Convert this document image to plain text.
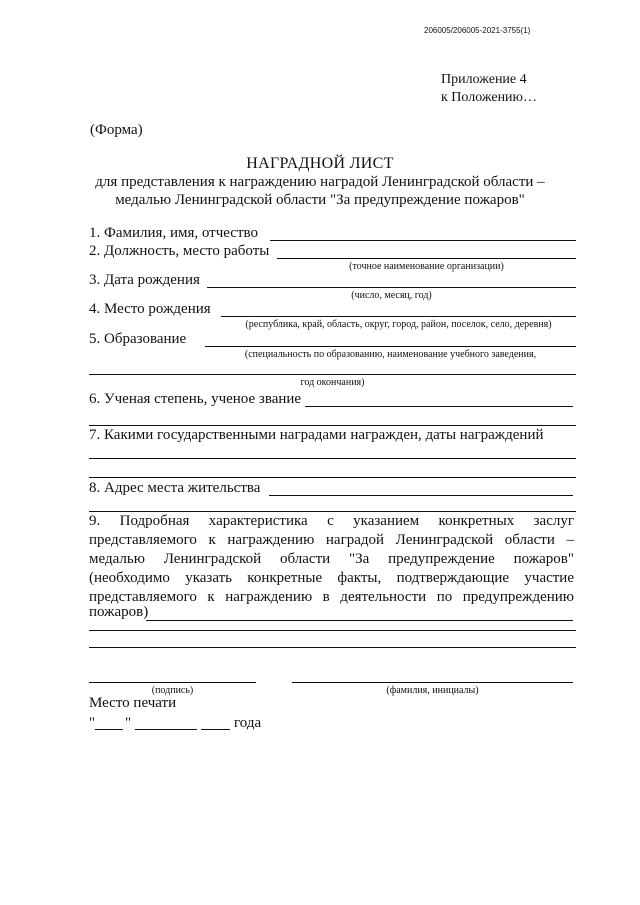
206005/206005-2021-3755(1)
Приложение 4
к Положению…
(Форма)
НАГРАДНОЙ ЛИСТ
для представления к награждению наградой Ленинградской области –
медалью Ленинградской области "За предупреждение пожаров"
1. Фамилия, имя, отчество
2. Должность, место работы
(точное наименование организации)
3. Дата рождения
(число, месяц, год)
4. Место рождения
(республика, край, область, округ, город, район, поселок, село, деревня)
5. Образование
(специальность по образованию, наименование учебного заведения,
год окончания)
6. Ученая степень, ученое звание
7. Какими государственными наградами награжден, даты награждений
8. Адрес места жительства
9. Подробная характеристика с указанием конкретных заслуг
представляемого к награждению наградой Ленинградской области –
медалью Ленинградской области "За предупреждение пожаров"
(необходимо указать конкретные факты, подтверждающие участие
представляемого к награждению в деятельности по предупреждению
пожаров)
(подпись)	(фамилия, инициалы)
Место печати
" "	года
